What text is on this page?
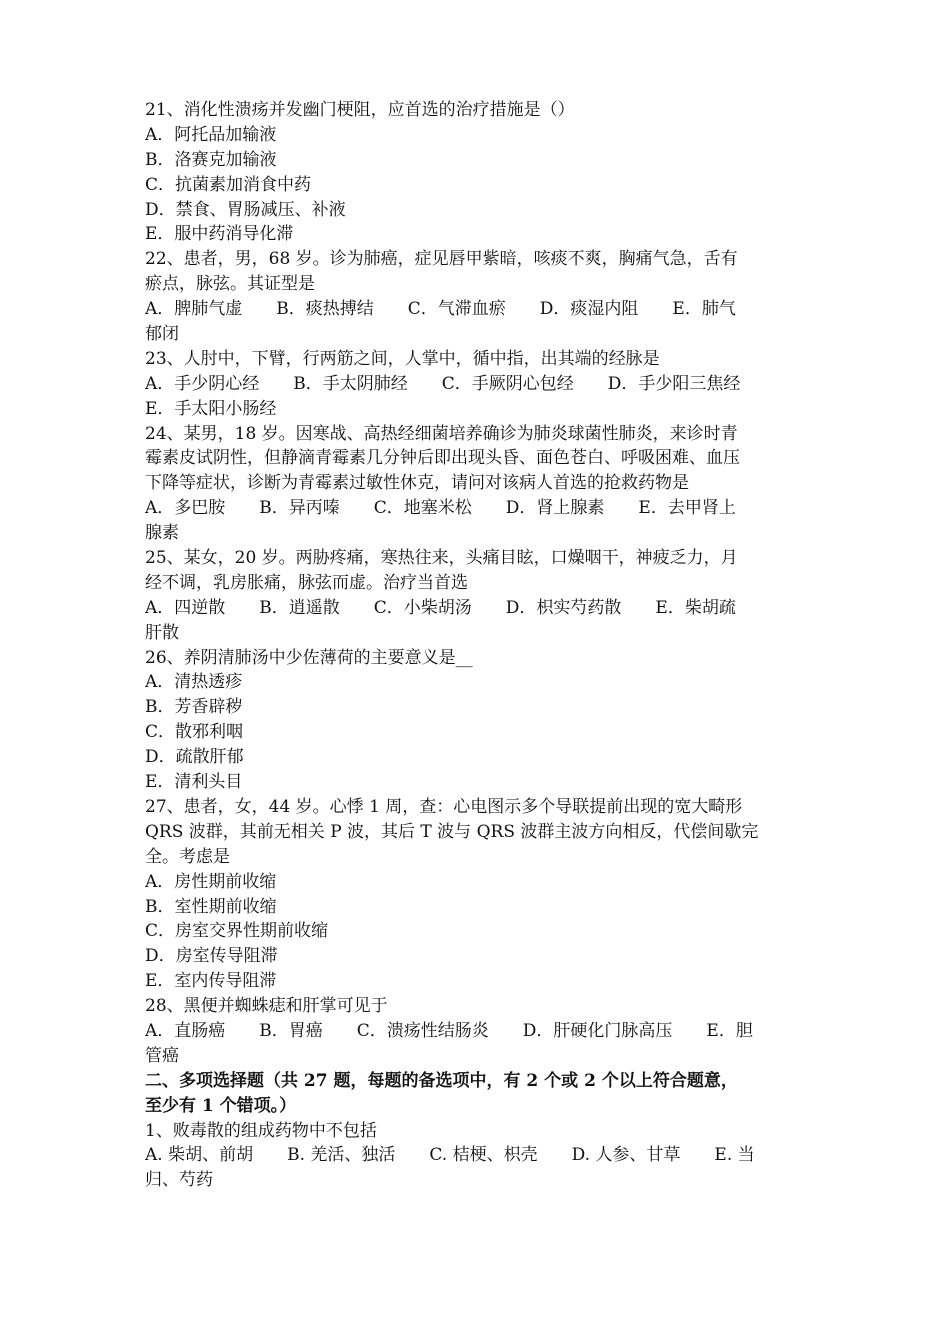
21、消化性溃疡并发幽门梗阻，应首选的治疗措施是（）
A．阿托品加输液
B．洛赛克加输液
C．抗菌素加消食中药
D．禁食、胃肠减压、补液
E．服中药消导化滞
22、患者，男，68 岁。诊为肺癌，症见唇甲紫暗，咳痰不爽，胸痛气急，舌有
瘀点，脉弦。其证型是
A．脾肺气虚　　B．痰热搏结　　C．气滞血瘀　　D．痰湿内阻　　E．肺气
郁闭
23、人肘中，下臂，行两筋之间，人掌中，循中指，出其端的经脉是
A．手少阴心经　　B．手太阴肺经　　C．手厥阴心包经　　D．手少阳三焦经
E．手太阳小肠经
24、某男，18 岁。因寒战、高热经细菌培养确诊为肺炎球菌性肺炎，来诊时青
霉素皮试阴性，但静滴青霉素几分钟后即出现头昏、面色苍白、呼吸困难、血压
下降等症状，诊断为青霉素过敏性休克，请问对该病人首选的抢救药物是
A．多巴胺　　B．异丙嗪　　C．地塞米松　　D．肾上腺素　　E．去甲肾上
腺素
25、某女，20 岁。两胁疼痛，寒热往来，头痛目眩，口燥咽干，神疲乏力，月
经不调，乳房胀痛，脉弦而虚。治疗当首选
A．四逆散　　B．逍遥散　　C．小柴胡汤　　D．枳实芍药散　　E．柴胡疏
肝散
26、养阴清肺汤中少佐薄荷的主要意义是__
A．清热透疹
B．芳香辟秽
C．散邪利咽
D．疏散肝郁
E．清利头目
27、患者，女，44 岁。心悸 1 周，查：心电图示多个导联提前出现的宽大畸形
QRS 波群，其前无相关 P 波，其后 T 波与 QRS 波群主波方向相反，代偿间歇完
全。考虑是
A．房性期前收缩
B．室性期前收缩
C．房室交界性期前收缩
D．房室传导阻滞
E．室内传导阻滞
28、黑便并蜘蛛痣和肝掌可见于
A．直肠癌　　B．胃癌　　C．溃疡性结肠炎　　D．肝硬化门脉高压　　E．胆
管癌
二、多项选择题（共 27 题，每题的备选项中，有 2 个或 2 个以上符合题意，
至少有 1 个错项。）
1、败毒散的组成药物中不包括
A. 柴胡、前胡　　B. 羌活、独活　　C. 桔梗、枳壳　　D. 人参、甘草　　E. 当
归、芍药
